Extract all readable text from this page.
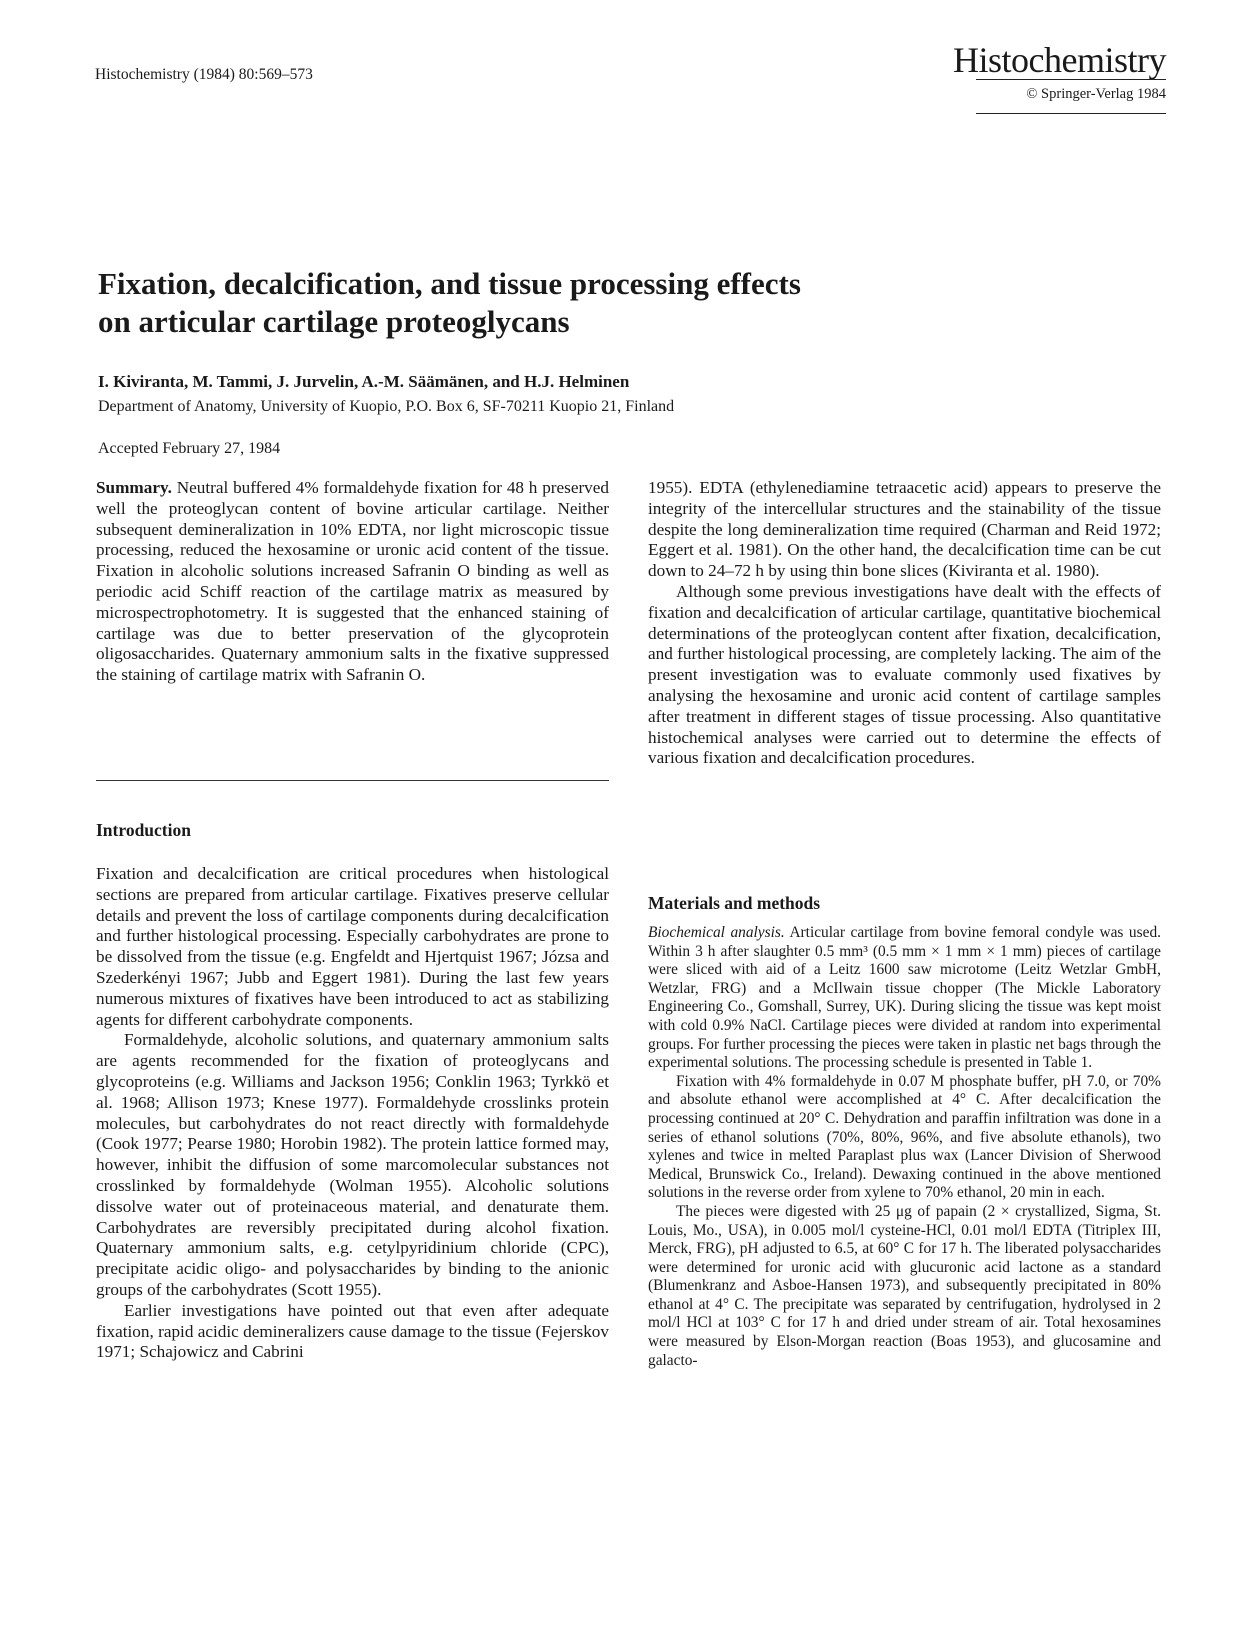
Histochemistry (1984) 80:569–573	Histochemistry
© Springer-Verlag 1984
Fixation, decalcification, and tissue processing effects
on articular cartilage proteoglycans
I. Kiviranta, M. Tammi, J. Jurvelin, A.-M. Säämänen, and H.J. Helminen
Department of Anatomy, University of Kuopio, P.O. Box 6, SF-70211 Kuopio 21, Finland
Accepted February 27, 1984

Summary. Neutral buffered 4% formaldehyde fixation for 48 h preserved well the proteoglycan content of bovine articular cartilage. Neither subsequent demineralization in 10% EDTA, nor light microscopic tissue processing, reduced the hexosamine or uronic acid content of the tissue. Fixation in alcoholic solutions increased Safranin O binding as well as periodic acid Schiff reaction of the cartilage matrix as measured by microspectrophotometry. It is suggested that the enhanced staining of cartilage was due to better preservation of the glycoprotein oligosaccharides. Quaternary ammonium salts in the fixative suppressed the staining of cartilage matrix with Safranin O.

Introduction

Fixation and decalcification are critical procedures when histological sections are prepared from articular cartilage. Fixatives preserve cellular details and prevent the loss of cartilage components during decalcification and further histological processing. Especially carbohydrates are prone to be dissolved from the tissue (e.g. Engfeldt and Hjertquist 1967; Józsa and Szederkényi 1967; Jubb and Eggert 1981). During the last few years numerous mixtures of fixatives have been introduced to act as stabilizing agents for different carbohydrate components.

Formaldehyde, alcoholic solutions, and quaternary ammonium salts are agents recommended for the fixation of proteoglycans and glycoproteins (e.g. Williams and Jackson 1956; Conklin 1963; Tyrkkö et al. 1968; Allison 1973; Knese 1977). Formaldehyde crosslinks protein molecules, but carbohydrates do not react directly with formaldehyde (Cook 1977; Pearse 1980; Horobin 1982). The protein lattice formed may, however, inhibit the diffusion of some marcomolecular substances not crosslinked by formaldehyde (Wolman 1955). Alcoholic solutions dissolve water out of proteinaceous material, and denaturate them. Carbohydrates are reversibly precipitated during alcohol fixation. Quaternary ammonium salts, e.g. cetylpyridinium chloride (CPC), precipitate acidic oligo- and polysaccharides by binding to the anionic groups of the carbohydrates (Scott 1955).

Earlier investigations have pointed out that even after adequate fixation, rapid acidic demineralizers cause damage to the tissue (Fejerskov 1971; Schajowicz and Cabrini

1955). EDTA (ethylenediamine tetraacetic acid) appears to preserve the integrity of the intercellular structures and the stainability of the tissue despite the long demineralization time required (Charman and Reid 1972; Eggert et al. 1981). On the other hand, the decalcification time can be cut down to 24–72 h by using thin bone slices (Kiviranta et al. 1980).

Although some previous investigations have dealt with the effects of fixation and decalcification of articular cartilage, quantitative biochemical determinations of the proteoglycan content after fixation, decalcification, and further histological processing, are completely lacking. The aim of the present investigation was to evaluate commonly used fixatives by analysing the hexosamine and uronic acid content of cartilage samples after treatment in different stages of tissue processing. Also quantitative histochemical analyses were carried out to determine the effects of various fixation and decalcification procedures.

Materials and methods

Biochemical analysis. Articular cartilage from bovine femoral condyle was used. Within 3 h after slaughter 0.5 mm³ (0.5 mm × 1 mm × 1 mm) pieces of cartilage were sliced with aid of a Leitz 1600 saw microtome (Leitz Wetzlar GmbH, Wetzlar, FRG) and a McIlwain tissue chopper (The Mickle Laboratory Engineering Co., Gomshall, Surrey, UK). During slicing the tissue was kept moist with cold 0.9% NaCl. Cartilage pieces were divided at random into experimental groups. For further processing the pieces were taken in plastic net bags through the experimental solutions. The processing schedule is presented in Table 1.

Fixation with 4% formaldehyde in 0.07 M phosphate buffer, pH 7.0, or 70% and absolute ethanol were accomplished at 4° C. After decalcification the processing continued at 20° C. Dehydration and paraffin infiltration was done in a series of ethanol solutions (70%, 80%, 96%, and five absolute ethanols), two xylenes and twice in melted Paraplast plus wax (Lancer Division of Sherwood Medical, Brunswick Co., Ireland). Dewaxing continued in the above mentioned solutions in the reverse order from xylene to 70% ethanol, 20 min in each.

The pieces were digested with 25 μg of papain (2 × crystallized, Sigma, St. Louis, Mo., USA), in 0.005 mol/l cysteine-HCl, 0.01 mol/l EDTA (Titriplex III, Merck, FRG), pH adjusted to 6.5, at 60° C for 17 h. The liberated polysaccharides were determined for uronic acid with glucuronic acid lactone as a standard (Blumenkranz and Asboe-Hansen 1973), and subsequently precipitated in 80% ethanol at 4° C. The precipitate was separated by centrifugation, hydrolysed in 2 mol/l HCl at 103° C for 17 h and dried under stream of air. Total hexosamines were measured by Elson-Morgan reaction (Boas 1953), and glucosamine and galacto-
